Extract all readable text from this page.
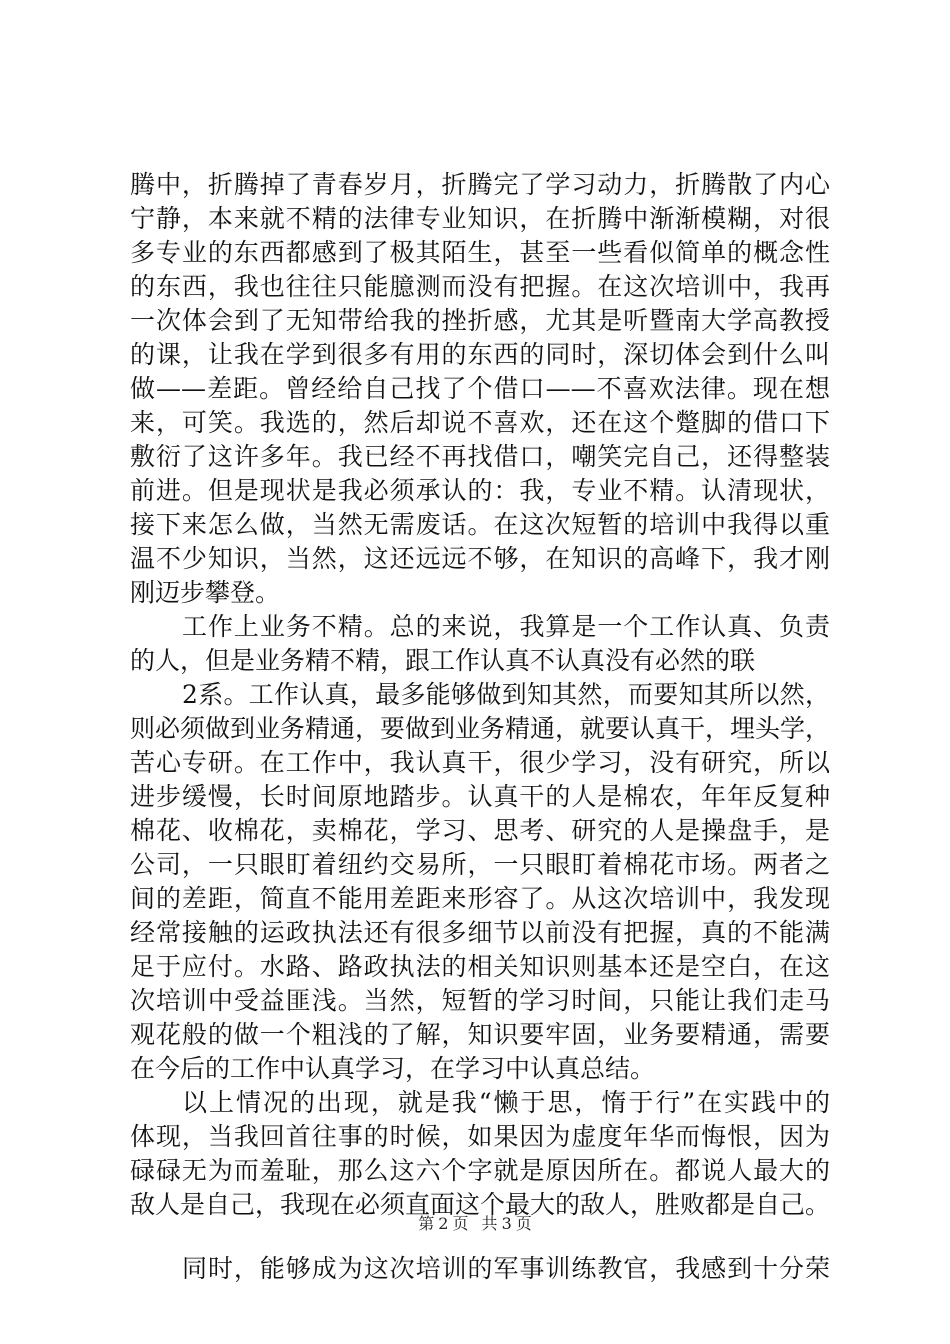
腾中，折腾掉了青春岁月，折腾完了学习动力，折腾散了内心
宁静，本来就不精的法律专业知识，在折腾中渐渐模糊，对很
多专业的东西都感到了极其陌生，甚至一些看似简单的概念性
的东西，我也往往只能臆测而没有把握。在这次培训中，我再
一次体会到了无知带给我的挫折感，尤其是听暨南大学高教授
的课，让我在学到很多有用的东西的同时，深切体会到什么叫
做——差距。曾经给自己找了个借口——不喜欢法律。现在想
来，可笑。我选的，然后却说不喜欢，还在这个蹩脚的借口下
敷衍了这许多年。我已经不再找借口，嘲笑完自己，还得整装
前进。但是现状是我必须承认的：我，专业不精。认清现状，
接下来怎么做，当然无需废话。在这次短暂的培训中我得以重
温不少知识，当然，这还远远不够，在知识的高峰下，我才刚
刚迈步攀登。
工作上业务不精。总的来说，我算是一个工作认真、负责
的人，但是业务精不精，跟工作认真不认真没有必然的联
2系。工作认真，最多能够做到知其然，而要知其所以然，
则必须做到业务精通，要做到业务精通，就要认真干，埋头学，
苦心专研。在工作中，我认真干，很少学习，没有研究，所以
进步缓慢，长时间原地踏步。认真干的人是棉农，年年反复种
棉花、收棉花，卖棉花，学习、思考、研究的人是操盘手，是
公司，一只眼盯着纽约交易所，一只眼盯着棉花市场。两者之
间的差距，简直不能用差距来形容了。从这次培训中，我发现
经常接触的运政执法还有很多细节以前没有把握，真的不能满
足于应付。水路、路政执法的相关知识则基本还是空白，在这
次培训中受益匪浅。当然，短暂的学习时间，只能让我们走马
观花般的做一个粗浅的了解，知识要牢固，业务要精通，需要
在今后的工作中认真学习，在学习中认真总结。
以上情况的出现，就是我“懒于思，惰于行”在实践中的
体现，当我回首往事的时候，如果因为虚度年华而悔恨，因为
碌碌无为而羞耻，那么这六个字就是原因所在。都说人最大的
敌人是自己，我现在必须直面这个最大的敌人，胜败都是自己。
同时，能够成为这次培训的军事训练教官，我感到十分荣
第 2 页 共 3 页
